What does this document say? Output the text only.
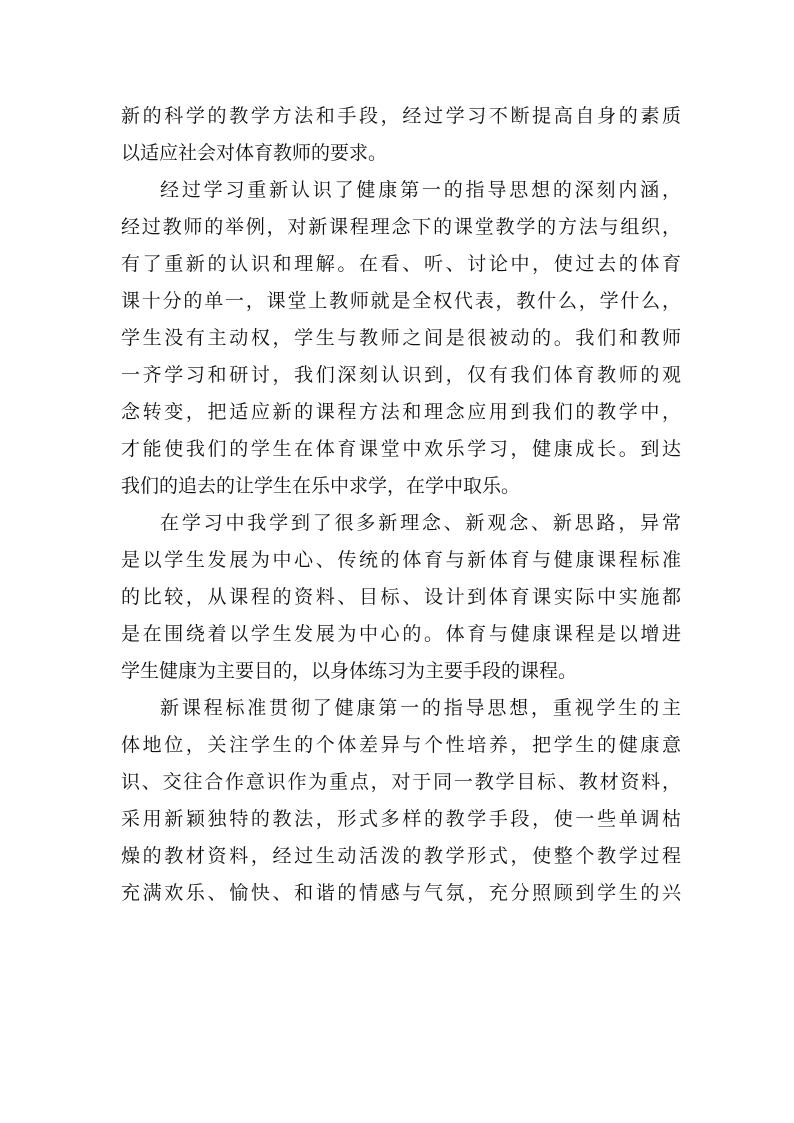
新的科学的教学方法和手段，经过学习不断提高自身的素质
以适应社会对体育教师的要求。
经过学习重新认识了健康第一的指导思想的深刻内涵，
经过教师的举例，对新课程理念下的课堂教学的方法与组织，
有了重新的认识和理解。在看、听、讨论中，使过去的体育
课十分的单一，课堂上教师就是全权代表，教什么，学什么，
学生没有主动权，学生与教师之间是很被动的。我们和教师
一齐学习和研讨，我们深刻认识到，仅有我们体育教师的观
念转变，把适应新的课程方法和理念应用到我们的教学中，
才能使我们的学生在体育课堂中欢乐学习，健康成长。到达
我们的追去的让学生在乐中求学，在学中取乐。
在学习中我学到了很多新理念、新观念、新思路，异常
是以学生发展为中心、传统的体育与新体育与健康课程标准
的比较，从课程的资料、目标、设计到体育课实际中实施都
是在围绕着以学生发展为中心的。体育与健康课程是以增进
学生健康为主要目的，以身体练习为主要手段的课程。
新课程标准贯彻了健康第一的指导思想，重视学生的主
体地位，关注学生的个体差异与个性培养，把学生的健康意
识、交往合作意识作为重点，对于同一教学目标、教材资料，
采用新颖独特的教法，形式多样的教学手段，使一些单调枯
燥的教材资料，经过生动活泼的教学形式，使整个教学过程
充满欢乐、愉快、和谐的情感与气氛，充分照顾到学生的兴
